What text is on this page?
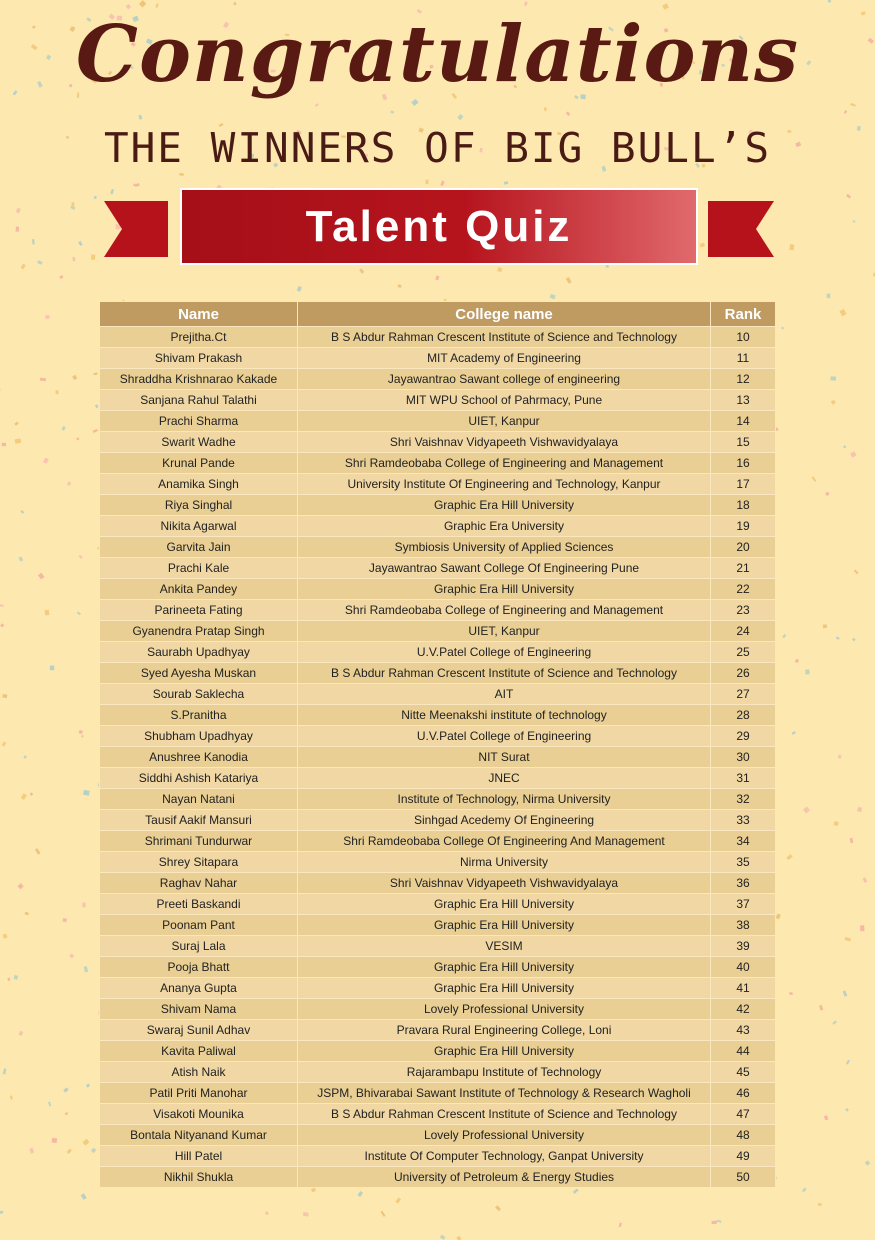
Congratulations
THE WINNERS OF BIG BULL’S
Talent Quiz
Name	College name	Rank
Prejitha.Ct	B S Abdur Rahman Crescent Institute of Science and Technology	10
Shivam Prakash	MIT Academy of Engineering	11
Shraddha Krishnarao Kakade	Jayawantrao Sawant college of engineering	12
Sanjana Rahul Talathi	MIT WPU School of Pahrmacy, Pune	13
Prachi Sharma	UIET, Kanpur	14
Swarit Wadhe	Shri Vaishnav Vidyapeeth Vishwavidyalaya	15
Krunal Pande	Shri Ramdeobaba College of Engineering and Management	16
Anamika Singh	University Institute Of Engineering and Technology, Kanpur	17
Riya Singhal	Graphic Era Hill University	18
Nikita Agarwal	Graphic Era University	19
Garvita Jain	Symbiosis University of Applied Sciences	20
Prachi Kale	Jayawantrao Sawant College Of Engineering Pune	21
Ankita Pandey	Graphic Era Hill University	22
Parineeta Fating	Shri Ramdeobaba College of Engineering and Management	23
Gyanendra Pratap Singh	UIET, Kanpur	24
Saurabh Upadhyay	U.V.Patel College of Engineering	25
Syed Ayesha Muskan	B S Abdur Rahman Crescent Institute of Science and Technology	26
Sourab Saklecha	AIT	27
S.Pranitha	Nitte Meenakshi institute of technology	28
Shubham Upadhyay	U.V.Patel College of Engineering	29
Anushree Kanodia	NIT Surat	30
Siddhi Ashish Katariya	JNEC	31
Nayan Natani	Institute of Technology, Nirma University	32
Tausif Aakif Mansuri	Sinhgad Acedemy Of Engineering	33
Shrimani Tundurwar	Shri Ramdeobaba College Of Engineering And Management	34
Shrey Sitapara	Nirma University	35
Raghav Nahar	Shri Vaishnav Vidyapeeth Vishwavidyalaya	36
Preeti Baskandi	Graphic Era Hill University	37
Poonam Pant	Graphic Era Hill University	38
Suraj Lala	VESIM	39
Pooja Bhatt	Graphic Era Hill University	40
Ananya Gupta	Graphic Era Hill University	41
Shivam Nama	Lovely Professional University	42
Swaraj Sunil Adhav	Pravara Rural Engineering College, Loni	43
Kavita Paliwal	Graphic Era Hill University	44
Atish Naik	Rajarambapu Institute of Technology	45
Patil Priti Manohar	JSPM, Bhivarabai Sawant Institute of Technology & Research Wagholi	46
Visakoti Mounika	B S Abdur Rahman Crescent Institute of Science and Technology	47
Bontala Nityanand Kumar	Lovely Professional University	48
Hill Patel	Institute Of Computer Technology, Ganpat University	49
Nikhil Shukla	University of Petroleum & Energy Studies	50
